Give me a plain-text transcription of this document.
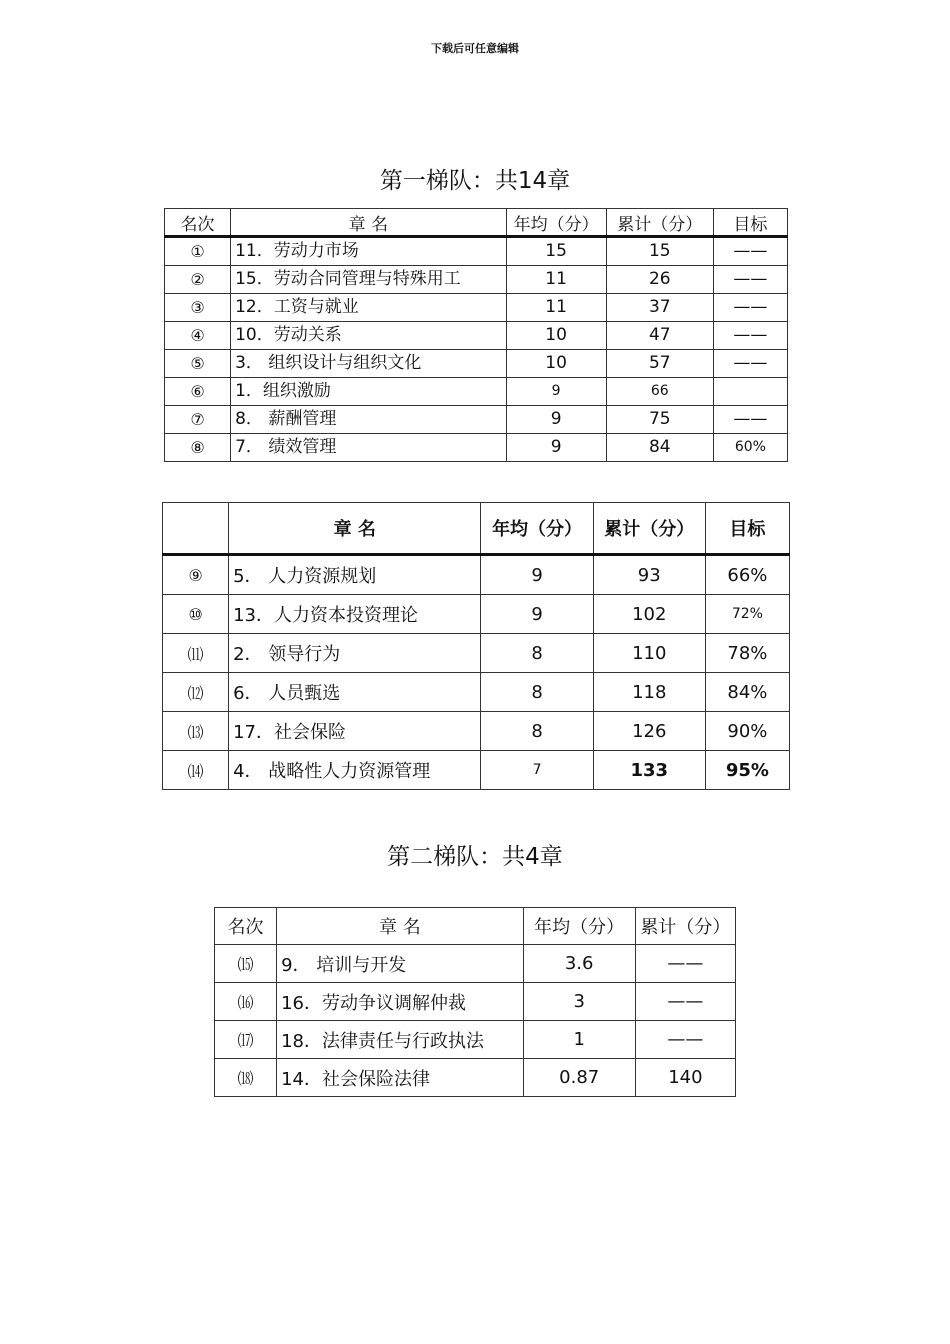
下载后可任意编辑
第一梯队：共14章
名次	章 名	年均（分）	累计（分）	目标
①	11．劳动力市场	15	15	——
②	15．劳动合同管理与特殊用工	11	26	——
③	12．工资与就业	11	37	——
④	10．劳动关系	10	47	——
⑤	3． 组织设计与组织文化	10	57	——
⑥	1．组织激励	9	66	
⑦	8． 薪酬管理	9	75	——
⑧	7． 绩效管理	9	84	60%
	章 名	年均（分）	累计（分）	目标
⑨	5． 人力资源规划	9	93	66%
⑩	13．人力资本投资理论	9	102	72%
⑾	2． 领导行为	8	110	78%
⑿	6． 人员甄选	8	118	84%
⒀	17．社会保险	8	126	90%
⒁	4． 战略性人力资源管理	7	133	95%
第二梯队：共4章
名次	章 名	年均（分）	累计（分）
⒂	9． 培训与开发	3.6	——
⒃	16．劳动争议调解仲裁	3	——
⒄	18．法律责任与行政执法	1	——
⒅	14．社会保险法律	0.87	140
